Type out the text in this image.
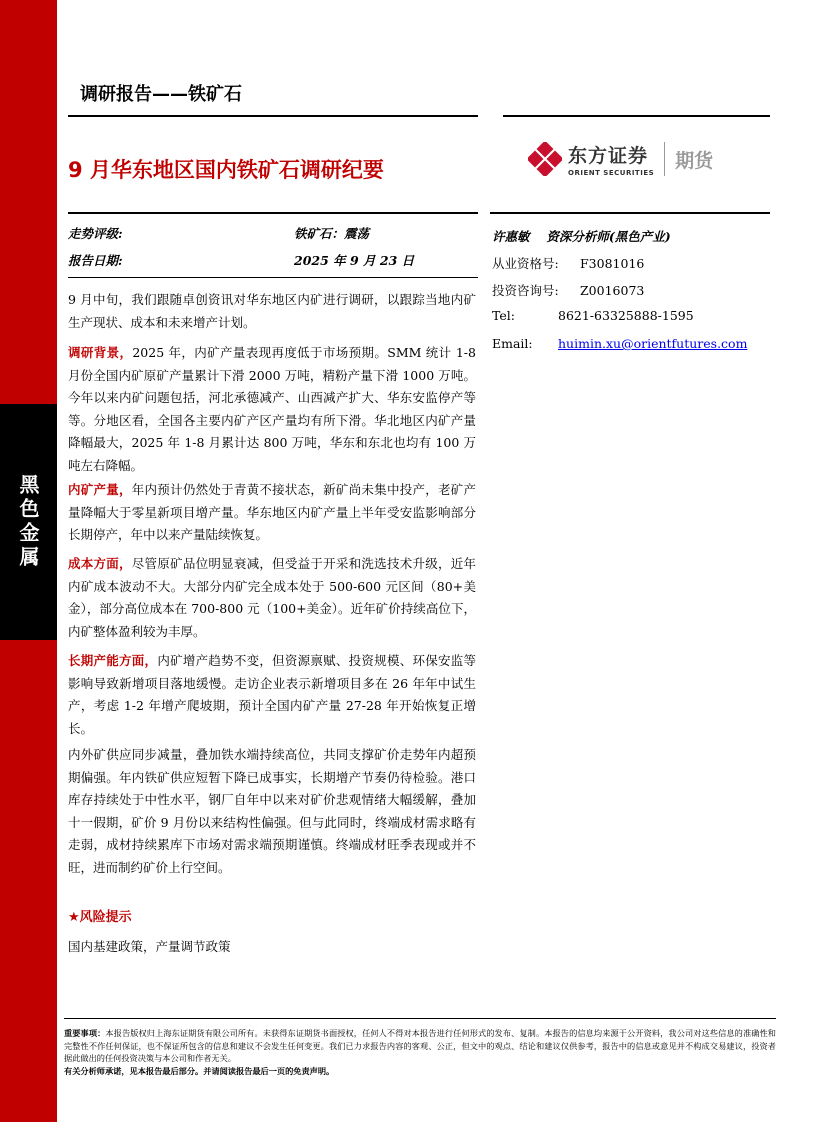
黑色金属
调研报告——铁矿石
9 月华东地区国内铁矿石调研纪要
东方证券
ORIENT SECURITIES
期货
走势评级:	铁矿石：震荡
报告日期:	2025 年 9 月 23 日
许惠敏　 资深分析师(黑色产业)
从业资格号: F3081016
投资咨询号: Z0016073
Tel:	8621-63325888-1595
Email: huimin.xu@orientfutures.com
9 月中旬，我们跟随卓创资讯对华东地区内矿进行调研，以跟踪当地内矿生产现状、成本和未来增产计划。
调研背景，2025 年，内矿产量表现再度低于市场预期。SMM 统计 1-8 月份全国内矿原矿产量累计下滑 2000 万吨，精粉产量下滑 1000 万吨。今年以来内矿问题包括，河北承德减产、山西减产扩大、华东安监停产等等。分地区看，全国各主要内矿产区产量均有所下滑。华北地区内矿产量降幅最大，2025 年 1-8 月累计达 800 万吨，华东和东北也均有 100 万吨左右降幅。
内矿产量，年内预计仍然处于青黄不接状态，新矿尚未集中投产，老矿产量降幅大于零星新项目增产量。华东地区内矿产量上半年受安监影响部分长期停产，年中以来产量陆续恢复。
成本方面，尽管原矿品位明显衰减，但受益于开采和洗选技术升级，近年内矿成本波动不大。大部分内矿完全成本处于 500-600 元区间（80+美金），部分高位成本在 700-800 元（100+美金）。近年矿价持续高位下，内矿整体盈利较为丰厚。
长期产能方面，内矿增产趋势不变，但资源禀赋、投资规模、环保安监等影响导致新增项目落地缓慢。走访企业表示新增项目多在 26 年年中试生产，考虑 1-2 年增产爬坡期，预计全国内矿产量 27-28 年开始恢复正增长。
内外矿供应同步减量，叠加铁水端持续高位，共同支撑矿价走势年内超预期偏强。年内铁矿供应短暂下降已成事实，长期增产节奏仍待检验。港口库存持续处于中性水平，钢厂自年中以来对矿价悲观情绪大幅缓解，叠加十一假期，矿价 9 月份以来结构性偏强。但与此同时，终端成材需求略有走弱，成材持续累库下市场对需求端预期谨慎。终端成材旺季表现或并不旺，进而制约矿价上行空间。
★风险提示
国内基建政策，产量调节政策
重要事项：本报告版权归上海东证期货有限公司所有。未获得东证期货书面授权，任何人不得对本报告进行任何形式的发布、复制。本报告的信息均来源于公开资料，我公司对这些信息的准确性和完整性不作任何保证，也不保证所包含的信息和建议不会发生任何变更。我们已力求报告内容的客观、公正，但文中的观点、结论和建议仅供参考，报告中的信息或意见并不构成交易建议，投资者据此做出的任何投资决策与本公司和作者无关。
有关分析师承诺，见本报告最后部分。并请阅读报告最后一页的免责声明。
